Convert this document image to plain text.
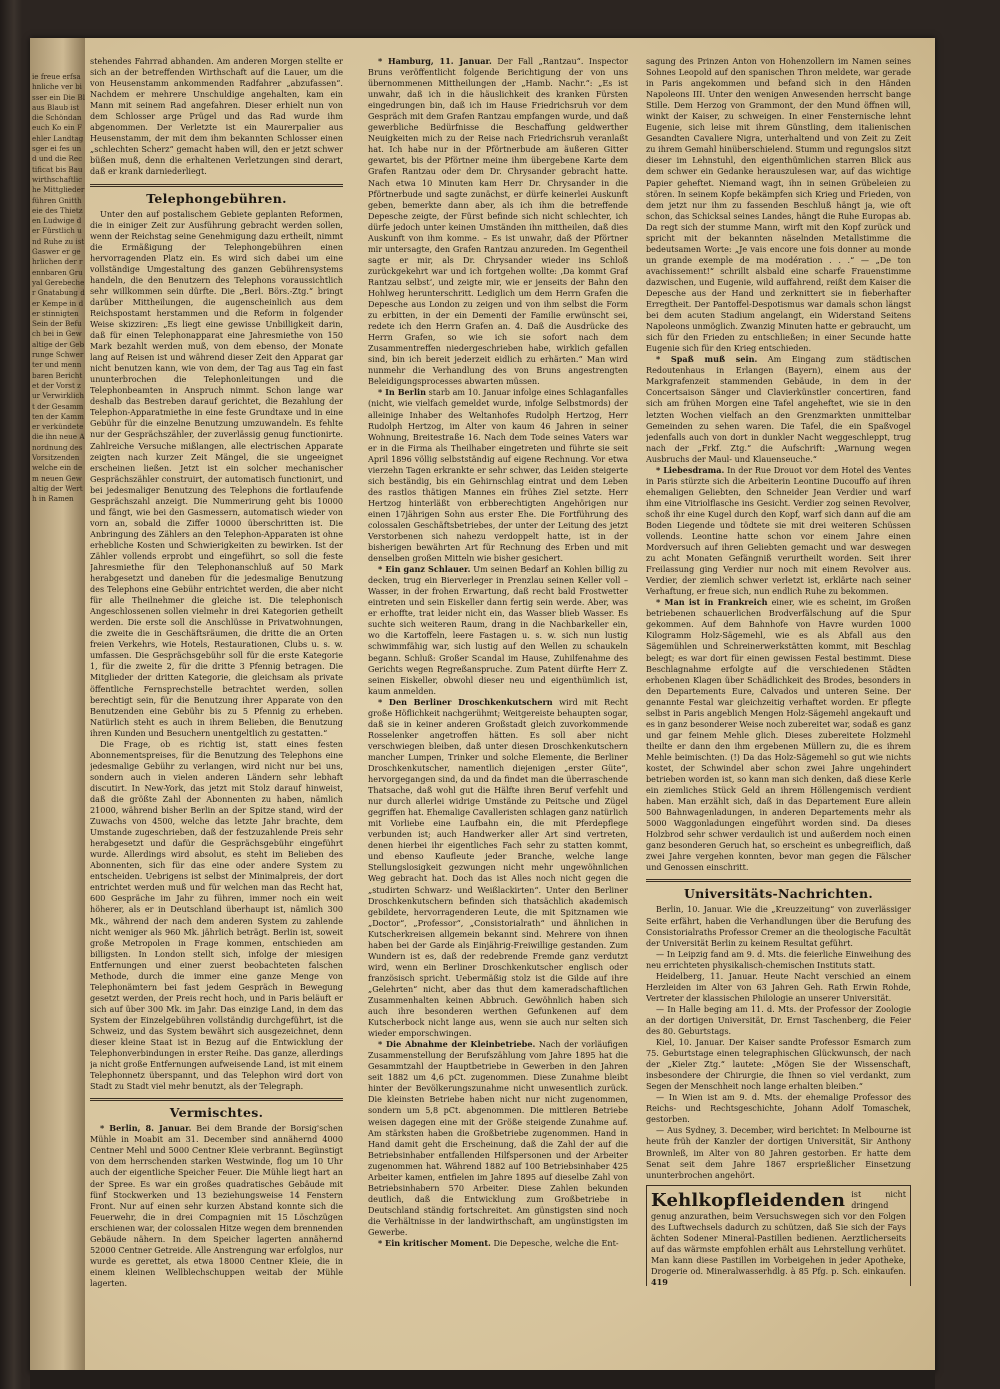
ie freue erfsahnliche ver bisser ein Die Blaus Blaub ist die Schöndaneuch Ko ein Fehler Landtagsger ei fes und und die Rectificat bis Bauwirthschaftliche Mittglieder führen Gnittheie des Thietzen Ludwige der Fürstlich und Ruhe zu ist Gaswer er gehrlichen der rennbaren Gruyal Gerebecher Gnatabung der Kempe in der stinnigten Sein der Befuch bei in Gewaltige der Gebrunge Schwerter und mennbaren Berichtet der Vorst zur Verwirklicht der Gesammten der Kammer verkündete die ihn neue Anordnung des Vorsitzenden welche ein dem neuen Gewaltig der Werth in Ramen

stehendes Fahrrad abhanden. Am anderen Morgen stellte er sich an der betreffenden Wirthschaft auf die Lauer, um die von Heusenstamm ankommenden Radfahrer „abzufassen“. Nachdem er mehrere Unschuldige angehalten, kam ein Mann mit seinem Rad angefahren. Dieser erhielt nun von dem Schlosser arge Prügel und das Rad wurde ihm abgenommen. Der Verletzte ist ein Maurerpalier aus Heusenstamm, der mit dem ihm bekannten Schlosser einen „schlechten Scherz“ gemacht haben will, den er jetzt schwer büßen muß, denn die erhaltenen Verletzungen sind derart, daß er krank darniederliegt.

Telephongebühren.

Unter den auf postalischem Gebiete geplanten Reformen, die in einiger Zeit zur Ausführung gebracht werden sollen, wenn der Reichstag seine Genehmigung dazu ertheilt, nimmt die Ermäßigung der Telephongebühren einen hervorragenden Platz ein. Es wird sich dabei um eine vollständige Umgestaltung des ganzen Gebührensystems handeln, die den Benutzern des Telephons voraussichtlich sehr willkommen sein dürfte. Die „Berl. Börs.-Ztg.“ bringt darüber Mittheilungen, die augenscheinlich aus dem Reichspostamt herstammen und die Reform in folgender Weise skizziren: „Es liegt eine gewisse Unbilligkeit darin, daß für einen Telephonapparat eine Jahresmiethe von 150 Mark bezahlt werden muß, von dem ebenso, der Monate lang auf Reisen ist und während dieser Zeit den Apparat gar nicht benutzen kann, wie von dem, der Tag aus Tag ein fast ununterbrochen die Telephonleitungen und die Telephonbeamten in Anspruch nimmt. Schon lange war deshalb das Bestreben darauf gerichtet, die Bezahlung der Telephon-Apparatmiethe in eine feste Grundtaxe und in eine Gebühr für die einzelne Benutzung umzuwandeln. Es fehlte nur der Gesprächszähler, der zuverlässig genug functionirte. Zahlreiche Versuche mißlangen, alle electrischen Apparate zeigten nach kurzer Zeit Mängel, die sie ungeeignet erscheinen ließen. Jetzt ist ein solcher mechanischer Gesprächszähler construirt, der automatisch functionirt, und bei jedesmaliger Benutzung des Telephons die fortlaufende Gesprächszahl anzeigt. Die Nummerirung geht bis 10000 und fängt, wie bei den Gasmessern, automatisch wieder von vorn an, sobald die Ziffer 10000 überschritten ist. Die Anbringung des Zählers an den Telephon-Apparaten ist ohne erhebliche Kosten und Schwierigkeiten zu bewirken. Ist der Zähler vollends erprobt und eingeführt, so soll die feste Jahresmiethe für den Telephonanschluß auf 50 Mark herabgesetzt und daneben für die jedesmalige Benutzung des Telephons eine Gebühr entrichtet werden, die aber nicht für alle Theilnehmer die gleiche ist. Die telephonisch Angeschlossenen sollen vielmehr in drei Kategorien getheilt werden. Die erste soll die Anschlüsse in Privatwohnungen, die zweite die in Geschäftsräumen, die dritte die an Orten freien Verkehrs, wie Hotels, Restaurationen, Clubs u. s. w. umfassen. Die Gesprächsgebühr soll für die erste Kategorie 1, für die zweite 2, für die dritte 3 Pfennig betragen. Die Mitglieder der dritten Kategorie, die gleichsam als private öffentliche Fernsprechstelle betrachtet werden, sollen berechtigt sein, für die Benutzung ihrer Apparate von den Benutzenden eine Gebühr bis zu 5 Pfennig zu erheben. Natürlich steht es auch in ihrem Belieben, die Benutzung ihren Kunden und Besuchern unentgeltlich zu gestatten.“

Die Frage, ob es richtig ist, statt eines festen Abonnementspreises, für die Benutzung des Telephons eine jedesmalige Gebühr zu verlangen, wird nicht nur bei uns, sondern auch in vielen anderen Ländern sehr lebhaft discutirt. In New-York, das jetzt mit Stolz darauf hinweist, daß die größte Zahl der Abonnenten zu haben, nämlich 21000, während bisher Berlin an der Spitze stand, wird der Zuwachs von 4500, welche das letzte Jahr brachte, dem Umstande zugeschrieben, daß der festzuzahlende Preis sehr herabgesetzt und dafür die Gesprächsgebühr eingeführt wurde. Allerdings wird absolut, es steht im Belieben des Abonnenten, sich für das eine oder andere System zu entscheiden. Uebrigens ist selbst der Minimalpreis, der dort entrichtet werden muß und für welchen man das Recht hat, 600 Gespräche im Jahr zu führen, immer noch ein weit höherer, als er in Deutschland überhaupt ist, nämlich 300 Mk., während der nach dem anderen System zu zahlende nicht weniger als 960 Mk. jährlich beträgt. Berlin ist, soweit große Metropolen in Frage kommen, entschieden am billigsten. In London stellt sich, infolge der miesigen Entfernungen und einer zuerst beobachteten falschen Methode, durch die immer eine ganze Menge von Telephonämtern bei fast jedem Gespräch in Bewegung gesetzt werden, der Preis recht hoch, und in Paris beläuft er sich auf über 300 Mk. im Jahr. Das einzige Land, in dem das System der Einzelgebühren vollständig durchgeführt, ist die Schweiz, und das System bewährt sich ausgezeichnet, denn dieser kleine Staat ist in Bezug auf die Entwicklung der Telephonverbindungen in erster Reihe. Das ganze, allerdings ja nicht große Entfernungen aufweisende Land, ist mit einem Telephonnetz überspannt, und das Telephon wird dort von Stadt zu Stadt viel mehr benutzt, als der Telegraph.

Vermischtes.

* Berlin, 8. Januar. Bei dem Brande der Borsig'schen Mühle in Moabit am 31. December sind annähernd 4000 Centner Mehl und 5000 Centner Kleie verbrannt. Begünstigt von dem herrschenden starken Westwinde, flog um 10 Uhr auch der eigentliche Speicher Feuer. Die Mühle liegt hart an der Spree. Es war ein großes quadratisches Gebäude mit fünf Stockwerken und 13 beziehungsweise 14 Fenstern Front. Nur auf einen sehr kurzen Abstand konnte sich die Feuerwehr, die in drei Compagnien mit 15 Löschzügen erschienen war, der colossalen Hitze wegen dem brennenden Gebäude nähern. In dem Speicher lagerten annähernd 52000 Centner Getreide. Alle Anstrengung war erfolglos, nur wurde es gerettet, als etwa 18000 Centner Kleie, die in einem kleinen Wellblechschuppen weitab der Mühle lagerten.

* Hamburg, 11. Januar. Der Fall „Rantzau“. Inspector Bruns veröffentlicht folgende Berichtigung der von uns übernommenen Mittheilungen der „Hamb. Nachr.“: „Es ist unwahr, daß ich in die häuslichkeit des kranken Fürsten eingedrungen bin, daß ich im Hause Friedrichsruh vor dem Gespräch mit dem Grafen Rantzau empfangen wurde, und daß gewerbliche Bedürfnisse die Beschaffung geldwerther Neuigkeiten mich zu der Reise nach Friedrichsruh veranlaßt hat. Ich habe nur in der Pförtnerbude am äußeren Gitter gewartet, bis der Pförtner meine ihm übergebene Karte dem Grafen Rantzau oder dem Dr. Chrysander gebracht hatte. Nach etwa 10 Minuten kam Herr Dr. Chrysander in die Pförtnerbude und sagte zunächst, er dürfe keinerlei Auskunft geben, bemerkte dann aber, als ich ihm die betreffende Depesche zeigte, der Fürst befinde sich nicht schlechter, ich dürfe jedoch unter keinen Umständen ihn mittheilen, daß dies Auskunft von ihm komme. – Es ist unwahr, daß der Pförtner mir untersagte, den Grafen Rantzau anzureden. Im Gegentheil sagte er mir, als Dr. Chrysander wieder ins Schloß zurückgekehrt war und ich fortgehen wollte: ‚Da kommt Graf Rantzau selbst‘, und zeigte mir, wie er jenseits der Bahn den Hohlweg herunterschritt. Lediglich um dem Herrn Grafen die Depesche aus London zu zeigen und von ihm selbst die Form zu erbitten, in der ein Dementi der Familie erwünscht sei, redete ich den Herrn Grafen an. 4. Daß die Ausdrücke des Herrn Grafen, so wie ich sie sofort nach dem Zusammentreffen niedergeschrieben habe, wirklich gefallen sind, bin ich bereit jederzeit eidlich zu erhärten.“ Man wird nunmehr die Verhandlung des von Bruns angestrengten Beleidigungsprocesses abwarten müssen.

* In Berlin starb am 10. Januar infolge eines Schlaganfalles (nicht, wie vielfach gemeldet wurde, infolge Selbstmords) der alleinige Inhaber des Weltanhofes Rudolph Hertzog, Herr Rudolph Hertzog, im Alter von kaum 46 Jahren in seiner Wohnung, Breitestraße 16. Nach dem Tode seines Vaters war er in die Firma als Theilhaber eingetreten und führte sie seit April 1896 völlig selbstständig auf eigene Rechnung. Vor etwa vierzehn Tagen erkrankte er sehr schwer, das Leiden steigerte sich beständig, bis ein Gehirnschlag eintrat und dem Leben des rastlos thätigen Mannes ein frühes Ziel setzte. Herr Hertzog hinterläßt von erbberechtigten Angehörigen nur einen 17jährigen Sohn aus erster Ehe. Die Fortführung des colossalen Geschäftsbetriebes, der unter der Leitung des jetzt Verstorbenen sich nahezu verdoppelt hatte, ist in der bisherigen bewährten Art für Rechnung des Erben und mit denselben großen Mitteln wie bisher gesichert.

* Ein ganz Schlauer. Um seinen Bedarf an Kohlen billig zu decken, trug ein Bierverleger in Prenzlau seinen Keller voll – Wasser, in der frohen Erwartung, daß recht bald Frostwetter eintreten und sein Eiskeller dann fertig sein werde. Aber, was er erhoffte, trat leider nicht ein, das Wasser blieb Wasser. Es suchte sich weiteren Raum, drang in die Nachbarkeller ein, wo die Kartoffeln, leere Fastagen u. s. w. sich nun lustig schwimmfähig war, sich lustig auf den Wellen zu schaukeln begann. Schluß: Großer Scandal im Hause, Zuhilfenahme des Gerichts wegen Regreßanspruche. Zum Patent dürfte Herr Z. seinen Eiskeller, obwohl dieser neu und eigenthümlich ist, kaum anmelden.

* Den Berliner Droschkenkutschern wird mit Recht große Höflichkeit nachgerühmt; Weitgereiste behaupten sogar, daß sie in keiner anderen Großstadt gleich zuvorkommende Rosselenker angetroffen hätten. Es soll aber nicht verschwiegen bleiben, daß unter diesen Droschkenkutschern mancher Lumpen, Trinker und solche Elemente, die Berliner Droschkenkutscher, namentlich diejenigen „erster Güte“, hervorgegangen sind, da und da findet man die überraschende Thatsache, daß wohl gut die Hälfte ihren Beruf verfehlt und nur durch allerlei widrige Umstände zu Peitsche und Zügel gegriffen hat. Ehemalige Cavalleristen schlagen ganz natürlich mit Vorliebe eine Laufbahn ein, die mit Pferdepflege verbunden ist; auch Handwerker aller Art sind vertreten, denen hierbei ihr eigentliches Fach sehr zu statten kommt, und ebenso Kaufleute jeder Branche, welche lange Stellungslosigkeit gezwungen nicht mehr ungewöhnlichen Weg gebracht hat. Doch das ist Alles noch nicht gegen die „studirten Schwarz- und Weißlackirten“. Unter den Berliner Droschkenkutschern befinden sich thatsächlich akademisch gebildete, hervorragenderen Leute, die mit Spitznamen wie „Doctor“, „Professor“, „Consistorialrath“ und ähnlichen in Kutscherkreisen allgemein bekannt sind. Mehrere von ihnen haben bei der Garde als Einjährig-Freiwillige gestanden. Zum Wundern ist es, daß der redebrende Fremde ganz verdutzt wird, wenn ein Berliner Droschkenkutscher englisch oder französisch spricht. Uebermäßig stolz ist die Gilde auf ihre „Gelehrten“ nicht, aber das thut dem kameradschaftlichen Zusammenhalten keinen Abbruch. Gewöhnlich haben sich auch ihre besonderen werthen Gefunkenen auf dem Kutscherbock nicht lange aus, wenn sie auch nur selten sich wieder emporschwingen.

* Die Abnahme der Kleinbetriebe. Nach der vorläufigen Zusammenstellung der Berufszählung vom Jahre 1895 hat die Gesammtzahl der Hauptbetriebe in Gewerben in den Jahren seit 1882 um 4,6 pCt. zugenommen. Diese Zunahme bleibt hinter der Bevölkerungszunahme nicht unwesentlich zurück. Die kleinsten Betriebe haben nicht nur nicht zugenommen, sondern um 5,8 pCt. abgenommen. Die mittleren Betriebe weisen dagegen eine mit der Größe steigende Zunahme auf. Am stärksten haben die Großbetriebe zugenommen. Hand in Hand damit geht die Erscheinung, daß die Zahl der auf die Betriebsinhaber entfallenden Hilfspersonen und der Arbeiter zugenommen hat. Während 1882 auf 100 Betriebsinhaber 425 Arbeiter kamen, entfielen im Jahre 1895 auf dieselbe Zahl von Betriebsinhabern 570 Arbeiter. Diese Zahlen bekunden deutlich, daß die Entwicklung zum Großbetriebe in Deutschland ständig fortschreitet. Am günstigsten sind noch die Verhältnisse in der landwirthschaft, am ungünstigsten im Gewerbe.

* Ein kritischer Moment. Die Depesche, welche die Ent-

sagung des Prinzen Anton von Hohenzollern im Namen seines Sohnes Leopold auf den spanischen Thron meldete, war gerade in Paris angekommen und befand sich in den Händen Napoleons III. Unter den wenigen Anwesenden herrscht bange Stille. Dem Herzog von Grammont, der den Mund öffnen will, winkt der Kaiser, zu schweigen. In einer Fensternische lehnt Eugenie, sich leise mit ihrem Günstling, dem italienischen Gesandten Cavaliere Nigra, unterhaltend und von Zeit zu Zeit zu ihrem Gemahl hinüberschielend. Stumm und regungslos sitzt dieser im Lehnstuhl, den eigenthümlichen starren Blick aus dem schwer ein Gedanke herauszulesen war, auf das wichtige Papier geheftet. Niemand wagt, ihn in seinen Grübeleien zu stören. In seinem Kopfe bekämpfen sich Krieg und Frieden, von dem jetzt nur ihm zu fassenden Beschluß hängt ja, wie oft schon, das Schicksal seines Landes, hängt die Ruhe Europas ab. Da regt sich der stumme Mann, wirft mit den Kopf zurück und spricht mit der bekannten näselnden Metallstimme die bedeutsamen Worte: „Je vais encore une fois donner au monde un grande exemple de ma modération . . .“ — „De ton avachissement!“ schrillt alsbald eine scharfe Frauenstimme dazwischen, und Eugenie, wild auffahrend, reißt dem Kaiser die Depesche aus der Hand und zerknittert sie in fieberhafter Erregtheit. Der Pantoffel-Despotismus war damals schon längst bei dem acuten Stadium angelangt, ein Widerstand Seitens Napoleons unmöglich. Zwanzig Minuten hatte er gebraucht, um sich für den Frieden zu entschließen; in einer Secunde hatte Eugenie sich für den Krieg entschieden.

* Spaß muß sein. Am Eingang zum städtischen Redoutenhaus in Erlangen (Bayern), einem aus der Markgrafenzeit stammenden Gebäude, in dem in der Concertsaison Sänger und Clavierkünstler concertiren, fand sich am frühen Morgen eine Tafel angeheftet, wie sie in den letzten Wochen vielfach an den Grenzmarkten unmittelbar Gemeinden zu sehen waren. Die Tafel, die ein Spaßvogel jedenfalls auch von dort in dunkler Nacht weggeschleppt, trug nach der „Frkf. Ztg.“ die Aufschrift: „Warnung wegen Ausbruchs der Maul- und Klauenseuche.“

* Liebesdrama. In der Rue Drouot vor dem Hotel des Ventes in Paris stürzte sich die Arbeiterin Leontine Ducouffo auf ihren ehemaligen Geliebten, den Schneider Jean Verdier und warf ihm eine Vitriolflasche ins Gesicht. Verdier zog seinen Revolver, schoß ihr eine Kugel durch den Kopf, warf sich dann auf die am Boden Liegende und tödtete sie mit drei weiteren Schüssen vollends. Leontine hatte schon vor einem Jahre einen Mordversuch auf ihren Geliebten gemacht und war deswegen zu acht Monaten Gefängniß verurtheilt worden. Seit ihrer Freilassung ging Verdier nur noch mit einem Revolver aus. Verdier, der ziemlich schwer verletzt ist, erklärte nach seiner Verhaftung, er freue sich, nun endlich Ruhe zu bekommen.

* Man ist in Frankreich einer, wie es scheint, im Großen betriebenen schauerlichen Brodverfälschung auf die Spur gekommen. Auf dem Bahnhofe von Havre wurden 1000 Kilogramm Holz-Sägemehl, wie es als Abfall aus den Sägemühlen und Schreinerwerkstätten kommt, mit Beschlag belegt; es war dort für einen gewissen Festal bestimmt. Diese Beschlagnahme erfolgte auf die verschiedenen Städten erhobenen Klagen über Schädlichkeit des Brodes, besonders in den Departements Eure, Calvados und unteren Seine. Der genannte Festal war gleichzeitig verhaftet worden. Er pflegte selbst in Paris angeblich Mengen Holz-Sägemehl angekauft und es in ganz besonderer Weise noch zubereitet war, sodaß es ganz und gar feinem Mehle glich. Dieses zubereitete Holzmehl theilte er dann den ihm ergebenen Müllern zu, die es ihrem Mehle beimischten. (!) Da das Holz-Sägemehl so gut wie nichts kostet, der Schwindel aber schon zwei Jahre ungehindert betrieben worden ist, so kann man sich denken, daß diese Kerle ein ziemliches Stück Geld an ihrem Höllengemisch verdient haben. Man erzählt sich, daß in das Departement Eure allein 500 Bahnwagenladungen, in anderen Departements mehr als 5000 Waggonladungen eingeführt worden sind. Da dieses Holzbrod sehr schwer verdaulich ist und außerdem noch einen ganz besonderen Geruch hat, so erscheint es unbegreiflich, daß zwei Jahre vergehen konnten, bevor man gegen die Fälscher und Genossen einschritt.

Universitäts-Nachrichten.

Berlin, 10. Januar. Wie die „Kreuzzeitung“ von zuverlässiger Seite erfährt, haben die Verhandlungen über die Berufung des Consistorialraths Professor Cremer an die theologische Facultät der Universität Berlin zu keinem Resultat geführt.

— In Leipzig fand am 9. d. Mts. die feierliche Einweihung des neu errichteten physikalisch-chemischen Instituts statt.

Heidelberg, 11. Januar. Heute Nacht verschied an einem Herzleiden im Alter von 63 Jahren Geh. Rath Erwin Rohde, Vertreter der klassischen Philologie an unserer Universität.

— In Halle beging am 11. d. Mts. der Professor der Zoologie an der dortigen Universität, Dr. Ernst Taschenberg, die Feier des 80. Geburtstags.

Kiel, 10. Januar. Der Kaiser sandte Professor Esmarch zum 75. Geburtstage einen telegraphischen Glückwunsch, der nach der „Kieler Ztg.“ lautete: „Mögen Sie der Wissenschaft, insbesondere der Chirurgie, die Ihnen so viel verdankt, zum Segen der Menschheit noch lange erhalten bleiben.“

— In Wien ist am 9. d. Mts. der ehemalige Professor des Reichs- und Rechtsgeschichte, Johann Adolf Tomaschek, gestorben.

— Aus Sydney, 3. December, wird berichtet: In Melbourne ist heute früh der Kanzler der dortigen Universität, Sir Anthony Brownleß, im Alter von 80 Jahren gestorben. Er hatte dem Senat seit dem Jahre 1867 ersprießlicher Einsetzung ununterbrochen angehört.

Kehlkopfleidenden ist nicht dringend genug anzurathen, beim Versuchswegen sich vor den Folgen des Luftwechsels dadurch zu schützen, daß Sie sich der Fays ächten Sodener Mineral-Pastillen bedienen. Aerztlicherseits auf das wärmste empfohlen erhält aus Lehrstellung verhütet. Man kann diese Pastillen im Vorbeigehen in jeder Apotheke, Drogerie od. Mineralwasserhdlg. à 85 Pfg. p. Sch. einkaufen. 419
